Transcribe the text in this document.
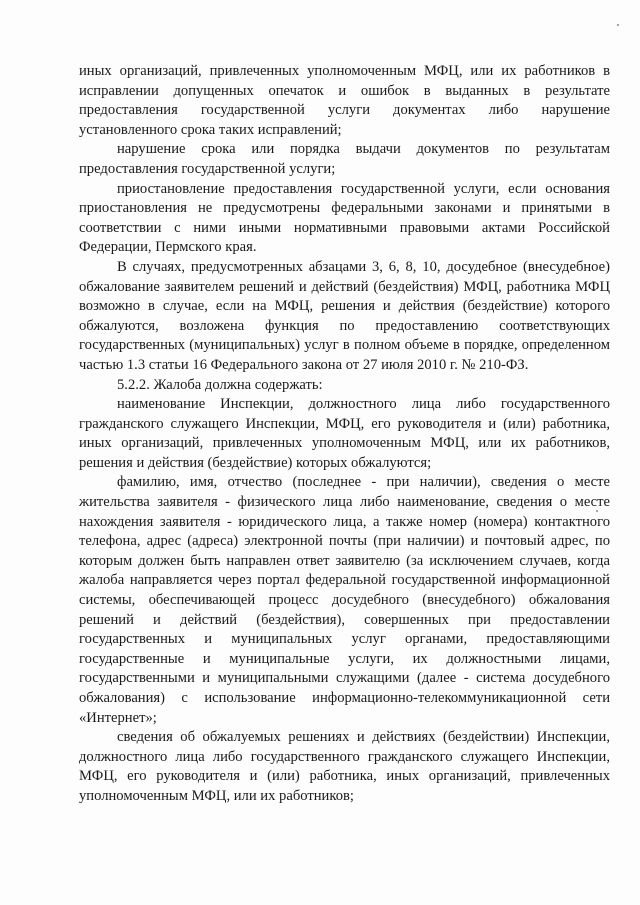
иных организаций, привлеченных уполномоченным МФЦ, или их работников в исправлении допущенных опечаток и ошибок в выданных в результате предоставления государственной услуги документах либо нарушение установленного срока таких исправлений;

нарушение срока или порядка выдачи документов по результатам предоставления государственной услуги;

приостановление предоставления государственной услуги, если основания приостановления не предусмотрены федеральными законами и принятыми в соответствии с ними иными нормативными правовыми актами Российской Федерации, Пермского края.

В случаях, предусмотренных абзацами 3, 6, 8, 10, досудебное (внесудебное) обжалование заявителем решений и действий (бездействия) МФЦ, работника МФЦ возможно в случае, если на МФЦ, решения и действия (бездействие) которого обжалуются, возложена функция по предоставлению соответствующих государственных (муниципальных) услуг в полном объеме в порядке, определенном частью 1.3 статьи 16 Федерального закона от 27 июля 2010 г. № 210-ФЗ.

5.2.2. Жалоба должна содержать:

наименование Инспекции, должностного лица либо государственного гражданского служащего Инспекции, МФЦ, его руководителя и (или) работника, иных организаций, привлеченных уполномоченным МФЦ, или их работников, решения и действия (бездействие) которых обжалуются;

фамилию, имя, отчество (последнее - при наличии), сведения о месте жительства заявителя - физического лица либо наименование, сведения о месте нахождения заявителя - юридического лица, а также номер (номера) контактного телефона, адрес (адреса) электронной почты (при наличии) и почтовый адрес, по которым должен быть направлен ответ заявителю (за исключением случаев, когда жалоба направляется через портал федеральной государственной информационной системы, обеспечивающей процесс досудебного (внесудебного) обжалования решений и действий (бездействия), совершенных при предоставлении государственных и муниципальных услуг органами, предоставляющими государственные и муниципальные услуги, их должностными лицами, государственными и муниципальными служащими (далее - система досудебного обжалования) с использование информационно-телекоммуникационной сети «Интернет»;

сведения об обжалуемых решениях и действиях (бездействии) Инспекции, должностного лица либо государственного гражданского служащего Инспекции, МФЦ, его руководителя и (или) работника, иных организаций, привлеченных уполномоченным МФЦ, или их работников;
